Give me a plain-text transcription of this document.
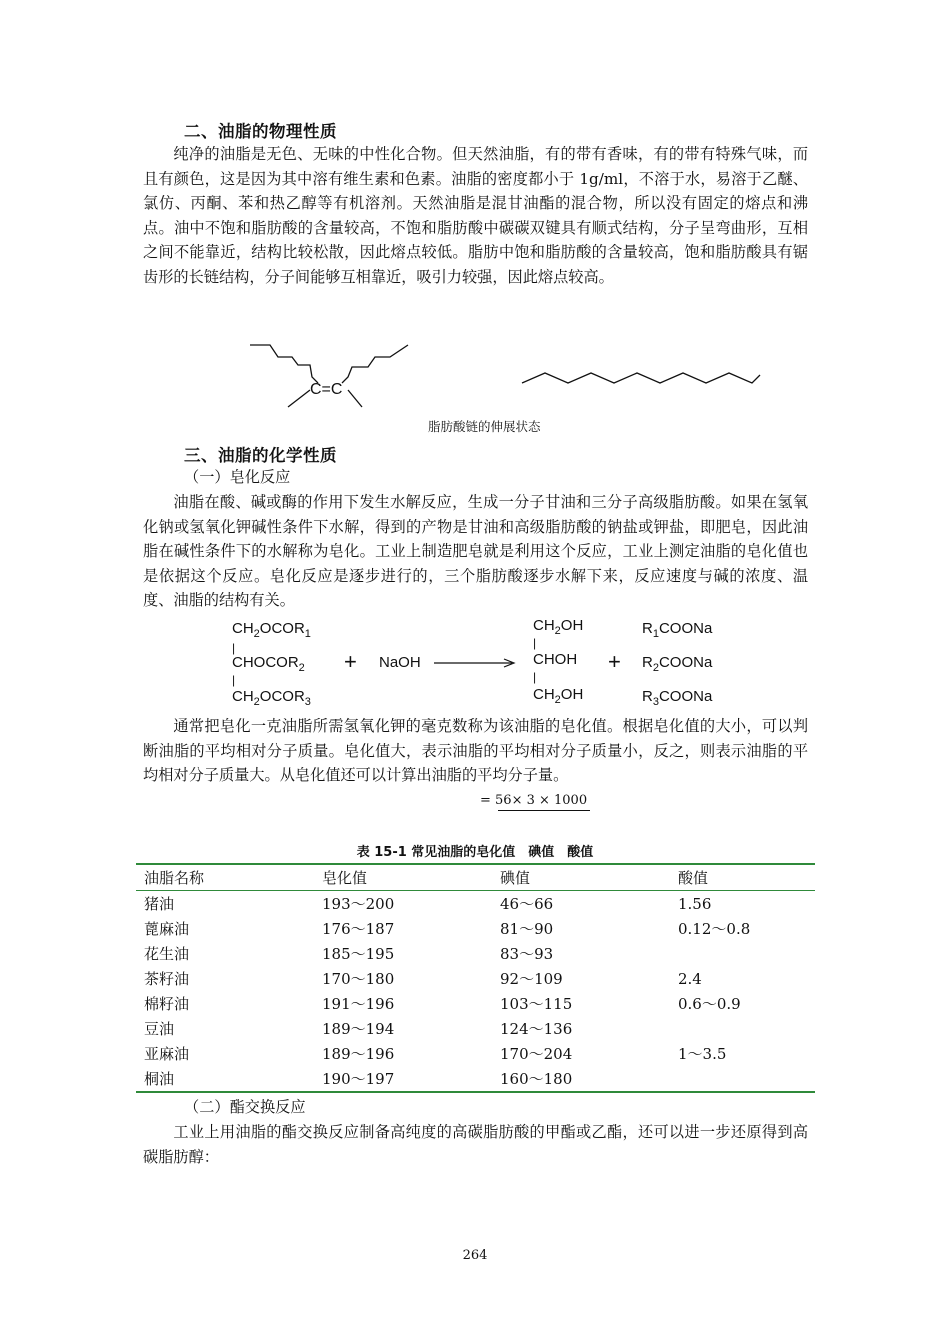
二、油脂的物理性质
纯净的油脂是无色、无味的中性化合物。但天然油脂，有的带有香味，有的带有特殊气味，而且有颜色，这是因为其中溶有维生素和色素。油脂的密度都小于 1g/ml，不溶于水，易溶于乙醚、氯仿、丙酮、苯和热乙醇等有机溶剂。天然油脂是混甘油酯的混合物，所以没有固定的熔点和沸点。油中不饱和脂肪酸的含量较高，不饱和脂肪酸中碳碳双键具有顺式结构，分子呈弯曲形，互相之间不能靠近，结构比较松散，因此熔点较低。脂肪中饱和脂肪酸的含量较高，饱和脂肪酸具有锯齿形的长链结构，分子间能够互相靠近，吸引力较强，因此熔点较高。
C=C
脂肪酸链的伸展状态
三、油脂的化学性质
（一）皂化反应
油脂在酸、碱或酶的作用下发生水解反应，生成一分子甘油和三分子高级脂肪酸。如果在氢氧化钠或氢氧化钾碱性条件下水解，得到的产物是甘油和高级脂肪酸的钠盐或钾盐，即肥皂，因此油脂在碱性条件下的水解称为皂化。工业上制造肥皂就是利用这个反应，工业上测定油脂的皂化值也是依据这个反应。皂化反应是逐步进行的，三个脂肪酸逐步水解下来，反应速度与碱的浓度、温度、油脂的结构有关。
$CH_2OCOR_1$
|
$CHOCOR_2$
|
$CH_2OCOR_3$
+ NaOH
$CH_2OH$
|
CHOH
|
$CH_2OH$
+
$R_1COONa$
$R_2COONa$
$R_3COONa$
通常把皂化一克油脂所需氢氧化钾的毫克数称为该油脂的皂化值。根据皂化值的大小，可以判断油脂的平均相对分子质量。皂化值大，表示油脂的平均相对分子质量小，反之，则表示油脂的平均相对分子质量大。从皂化值还可以计算出油脂的平均分子量。
= 56× 3 × 1000
表 15-1 常见油脂的皂化值　碘值　酸值
油脂名称	皂化值	碘值	酸值
猪油	193～200	46～66	1.56
蓖麻油	176～187	81～90	0.12～0.8
花生油	185～195	83～93	
茶籽油	170～180	92～109	2.4
棉籽油	191～196	103～115	0.6～0.9
豆油	189～194	124～136	
亚麻油	189～196	170～204	1～3.5
桐油	190～197	160～180	
（二）酯交换反应
工业上用油脂的酯交换反应制备高纯度的高碳脂肪酸的甲酯或乙酯，还可以进一步还原得到高碳脂肪醇：
264
